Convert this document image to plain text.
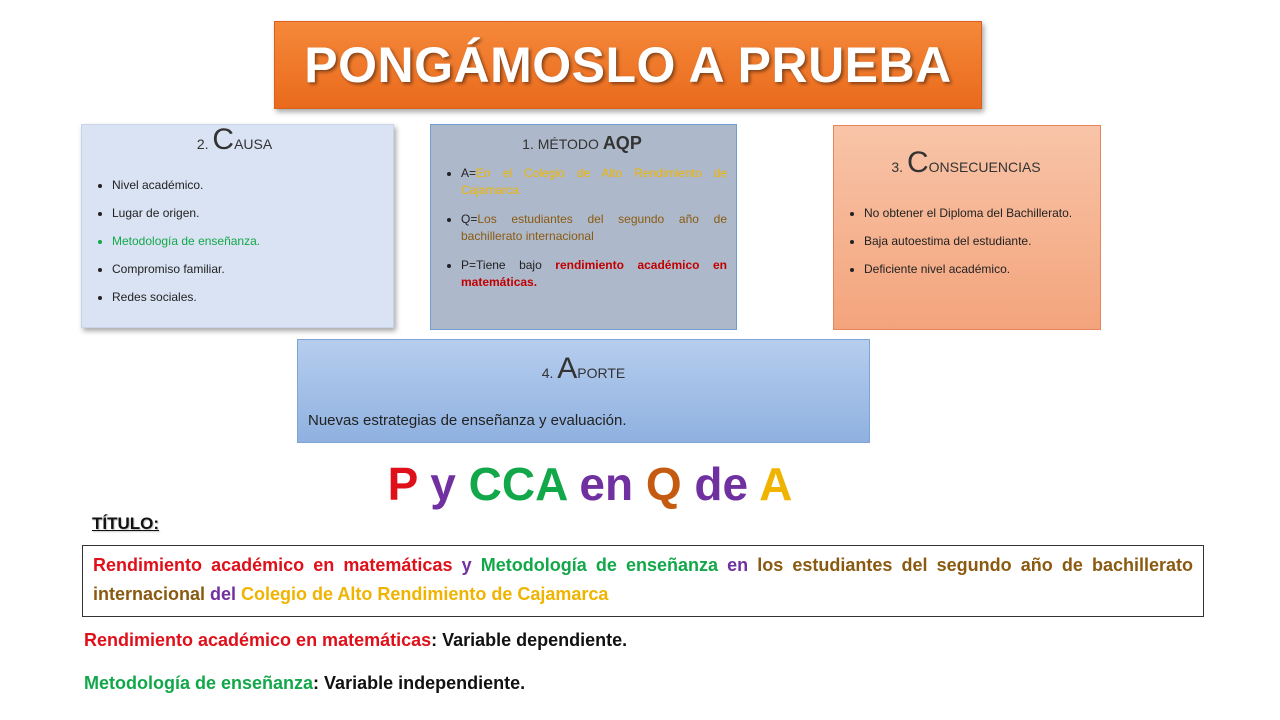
PONGÁMOSLO A PRUEBA
2. CAUSA
• Nivel académico.
• Lugar de origen.
• Metodología de enseñanza.
• Compromiso familiar.
• Redes sociales.
1. MÉTODO AQP
• A=En el Colegio de Alto Rendimiento de Cajamarca
• Q=Los estudiantes del segundo año de bachillerato internacional
• P=Tiene bajo rendimiento académico en matemáticas.
3. CONSECUENCIAS
• No obtener el Diploma del Bachillerato.
• Baja autoestima del estudiante.
• Deficiente nivel académico.
4. APORTE
Nuevas estrategias de enseñanza y evaluación.
P y CCA en Q de A
TÍTULO:
Rendimiento académico en matemáticas y Metodología de enseñanza en los estudiantes del segundo año de bachillerato internacional del Colegio de Alto Rendimiento de Cajamarca
Rendimiento académico en matemáticas: Variable dependiente.
Metodología de enseñanza: Variable independiente.
